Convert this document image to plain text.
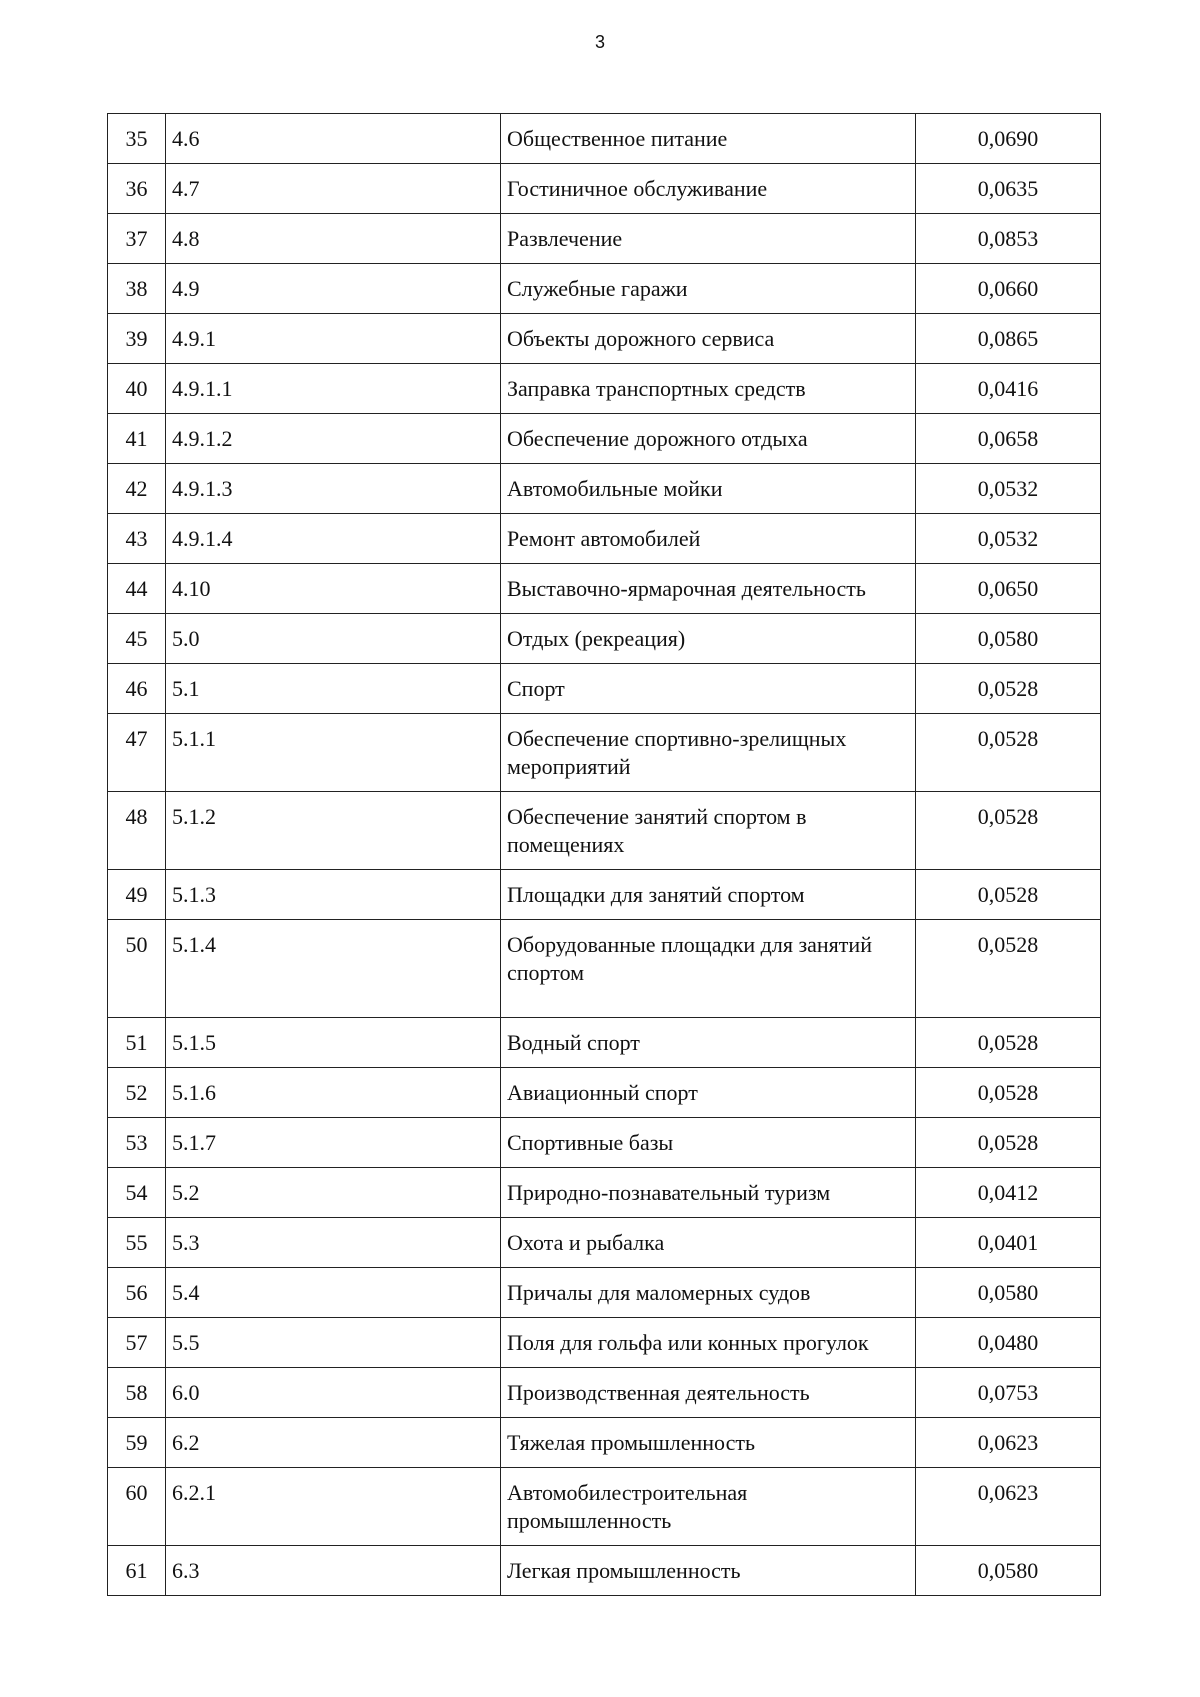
3
35	4.6	Общественное питание	0,0690
36	4.7	Гостиничное обслуживание	0,0635
37	4.8	Развлечение	0,0853
38	4.9	Служебные гаражи	0,0660
39	4.9.1	Объекты дорожного сервиса	0,0865
40	4.9.1.1	Заправка транспортных средств	0,0416
41	4.9.1.2	Обеспечение дорожного отдыха	0,0658
42	4.9.1.3	Автомобильные мойки	0,0532
43	4.9.1.4	Ремонт автомобилей	0,0532
44	4.10	Выставочно-ярмарочная деятельность	0,0650
45	5.0	Отдых (рекреация)	0,0580
46	5.1	Спорт	0,0528
47	5.1.1	Обеспечение спортивно-зрелищных мероприятий	0,0528
48	5.1.2	Обеспечение занятий спортом в помещениях	0,0528
49	5.1.3	Площадки для занятий спортом	0,0528
50	5.1.4	Оборудованные площадки для занятий спортом	0,0528
51	5.1.5	Водный спорт	0,0528
52	5.1.6	Авиационный спорт	0,0528
53	5.1.7	Спортивные базы	0,0528
54	5.2	Природно-познавательный туризм	0,0412
55	5.3	Охота и рыбалка	0,0401
56	5.4	Причалы для маломерных судов	0,0580
57	5.5	Поля для гольфа или конных прогулок	0,0480
58	6.0	Производственная деятельность	0,0753
59	6.2	Тяжелая промышленность	0,0623
60	6.2.1	Автомобилестроительная промышленность	0,0623
61	6.3	Легкая промышленность	0,0580
